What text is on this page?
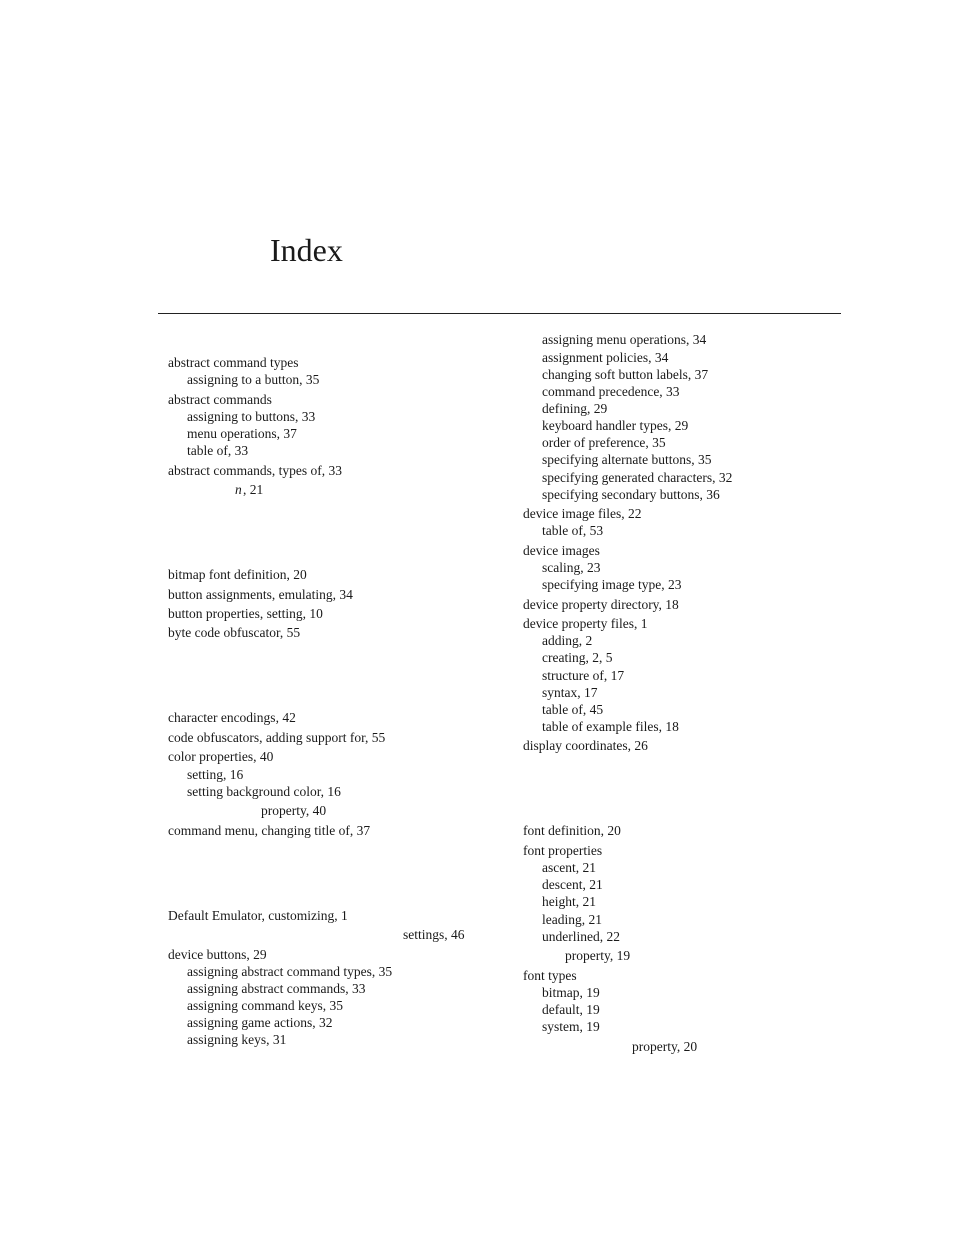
Index
abstract command types
assigning to a button, 35
abstract commands
assigning to buttons, 33
menu operations, 37
table of, 33
abstract commands, types of, 33
n , 21
bitmap font definition, 20
button assignments, emulating, 34
button properties, setting, 10
byte code obfuscator, 55
character encodings, 42
code obfuscators, adding support for, 55
color properties, 40
setting, 16
setting background color, 16
property, 40
command menu, changing title of, 37
Default Emulator, customizing, 1
settings, 46
device buttons, 29
assigning abstract command types, 35
assigning abstract commands, 33
assigning command keys, 35
assigning game actions, 32
assigning keys, 31
assigning menu operations, 34
assignment policies, 34
changing soft button labels, 37
command precedence, 33
defining, 29
keyboard handler types, 29
order of preference, 35
specifying alternate buttons, 35
specifying generated characters, 32
specifying secondary buttons, 36
device image files, 22
table of, 53
device images
scaling, 23
specifying image type, 23
device property directory, 18
device property files, 1
adding, 2
creating, 2, 5
structure of, 17
syntax, 17
table of, 45
table of example files, 18
display coordinates, 26
font definition, 20
font properties
ascent, 21
descent, 21
height, 21
leading, 21
underlined, 22
property, 19
font types
bitmap, 19
default, 19
system, 19
property, 20
